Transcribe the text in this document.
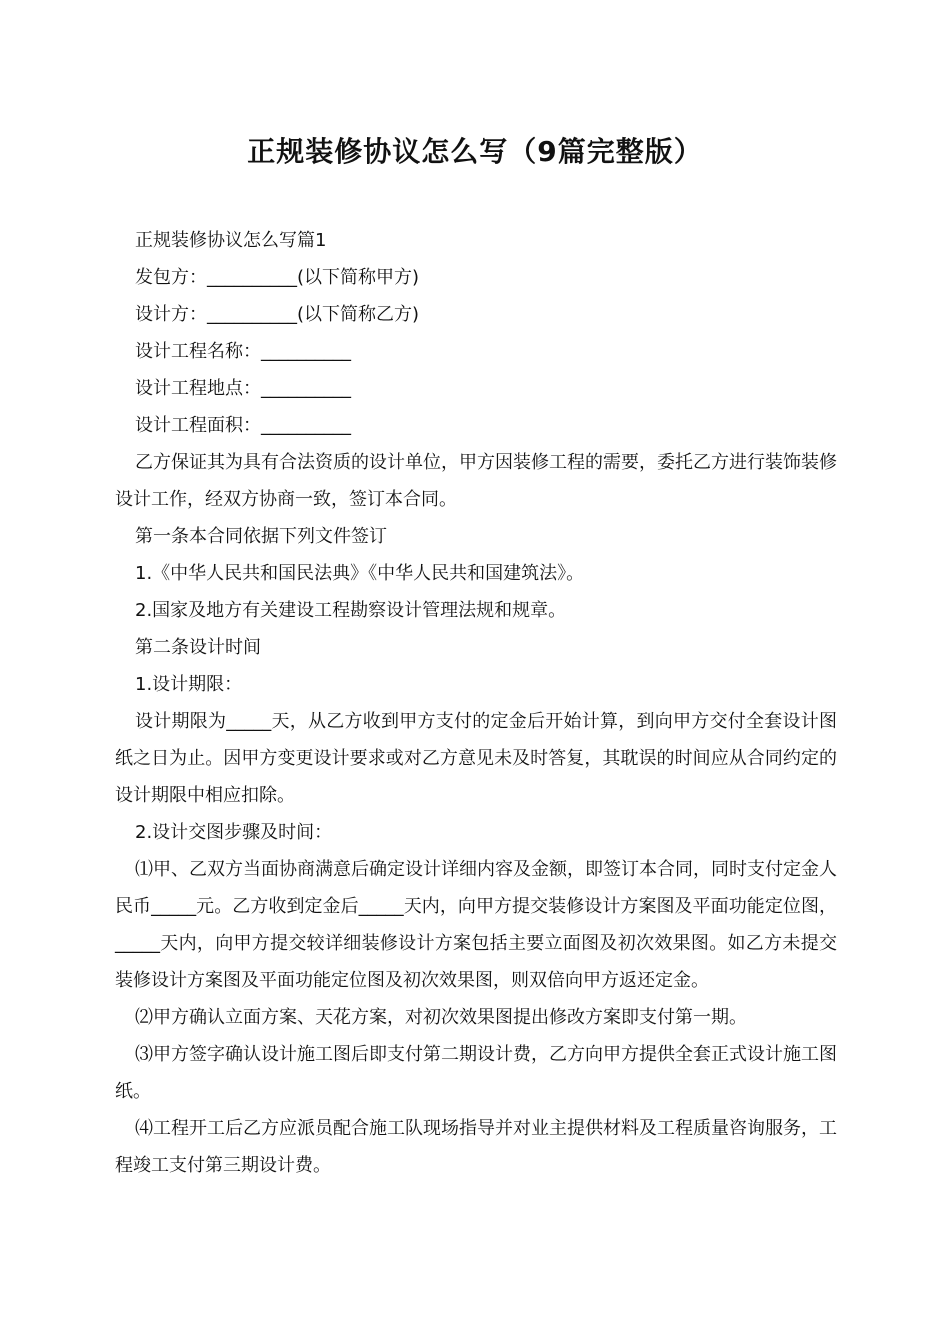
正规装修协议怎么写（9篇完整版）

正规装修协议怎么写篇1

发包方：__________(以下简称甲方)

设计方：__________(以下简称乙方)

设计工程名称：__________

设计工程地点：__________

设计工程面积：__________

乙方保证其为具有合法资质的设计单位，甲方因装修工程的需要，委托乙方进行装饰装修设计工作，经双方协商一致，签订本合同。

第一条本合同依据下列文件签订

1.《中华人民共和国民法典》《中华人民共和国建筑法》。

2.国家及地方有关建设工程勘察设计管理法规和规章。

第二条设计时间

1.设计期限：

设计期限为_____天，从乙方收到甲方支付的定金后开始计算，到向甲方交付全套设计图纸之日为止。因甲方变更设计要求或对乙方意见未及时答复，其耽误的时间应从合同约定的设计期限中相应扣除。

2.设计交图步骤及时间：

⑴甲、乙双方当面协商满意后确定设计详细内容及金额，即签订本合同，同时支付定金人民币_____元。乙方收到定金后_____天内，向甲方提交装修设计方案图及平面功能定位图，_____天内，向甲方提交较详细装修设计方案包括主要立面图及初次效果图。如乙方未提交装修设计方案图及平面功能定位图及初次效果图，则双倍向甲方返还定金。

⑵甲方确认立面方案、天花方案，对初次效果图提出修改方案即支付第一期。

⑶甲方签字确认设计施工图后即支付第二期设计费，乙方向甲方提供全套正式设计施工图纸。

⑷工程开工后乙方应派员配合施工队现场指导并对业主提供材料及工程质量咨询服务，工程竣工支付第三期设计费。
